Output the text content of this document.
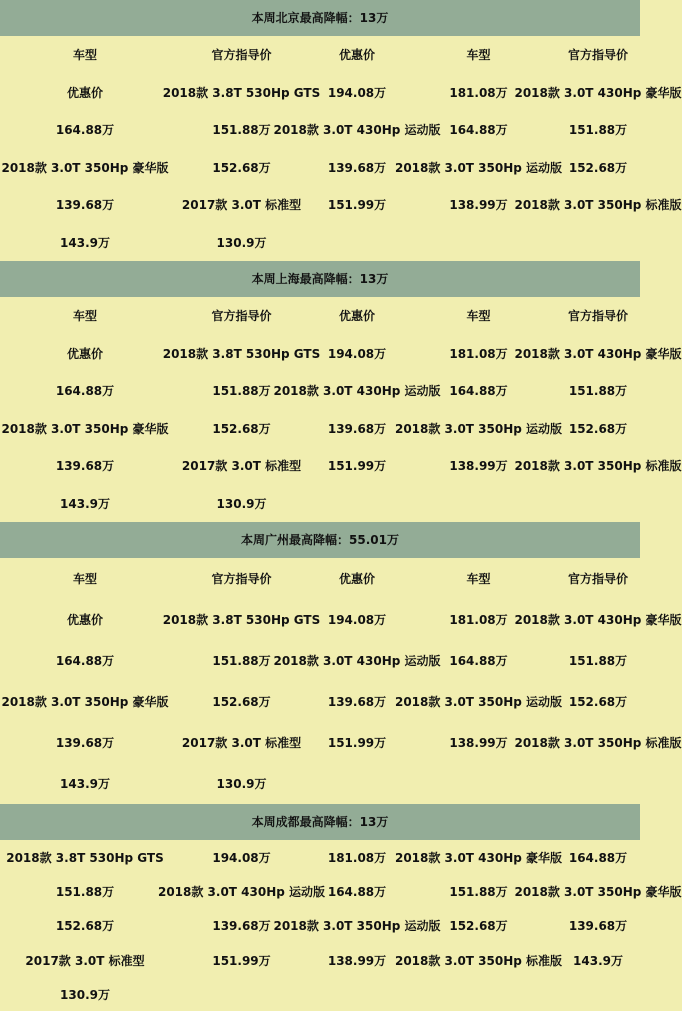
本周北京最高降幅：13万
车型	官方指导价	优惠价	车型	官方指导价
优惠价	2018款 3.8T 530Hp GTS 194.08万	181.08万 2018款 3.0T 430Hp 豪华版
164.88万	151.88万 2018款 3.0T 430Hp 运动版 164.88万	151.88万
2018款 3.0T 350Hp 豪华版	152.68万	139.68万 2018款 3.0T 350Hp 运动版 152.68万
139.68万	2017款 3.0T 标准型	151.99万	138.99万 2018款 3.0T 350Hp 标准版
143.9万	130.9万
本周上海最高降幅：13万
车型	官方指导价	优惠价	车型	官方指导价
优惠价	2018款 3.8T 530Hp GTS 194.08万	181.08万 2018款 3.0T 430Hp 豪华版
164.88万	151.88万 2018款 3.0T 430Hp 运动版 164.88万	151.88万
2018款 3.0T 350Hp 豪华版	152.68万	139.68万 2018款 3.0T 350Hp 运动版 152.68万
139.68万	2017款 3.0T 标准型	151.99万	138.99万 2018款 3.0T 350Hp 标准版
143.9万	130.9万
本周广州最高降幅：55.01万
车型	官方指导价	优惠价	车型	官方指导价
优惠价	2018款 3.8T 530Hp GTS 194.08万	181.08万 2018款 3.0T 430Hp 豪华版
164.88万	151.88万 2018款 3.0T 430Hp 运动版 164.88万	151.88万
2018款 3.0T 350Hp 豪华版	152.68万	139.68万 2018款 3.0T 350Hp 运动版 152.68万
139.68万	2017款 3.0T 标准型	151.99万	138.99万 2018款 3.0T 350Hp 标准版
143.9万	130.9万
本周成都最高降幅：13万
2018款 3.8T 530Hp GTS	194.08万	181.08万 2018款 3.0T 430Hp 豪华版 164.88万
151.88万	2018款 3.0T 430Hp 运动版 164.88万	151.88万 2018款 3.0T 350Hp 豪华版
152.68万	139.68万 2018款 3.0T 350Hp 运动版 152.68万	139.68万
2017款 3.0T 标准型	151.99万	138.99万 2018款 3.0T 350Hp 标准版 143.9万
130.9万
